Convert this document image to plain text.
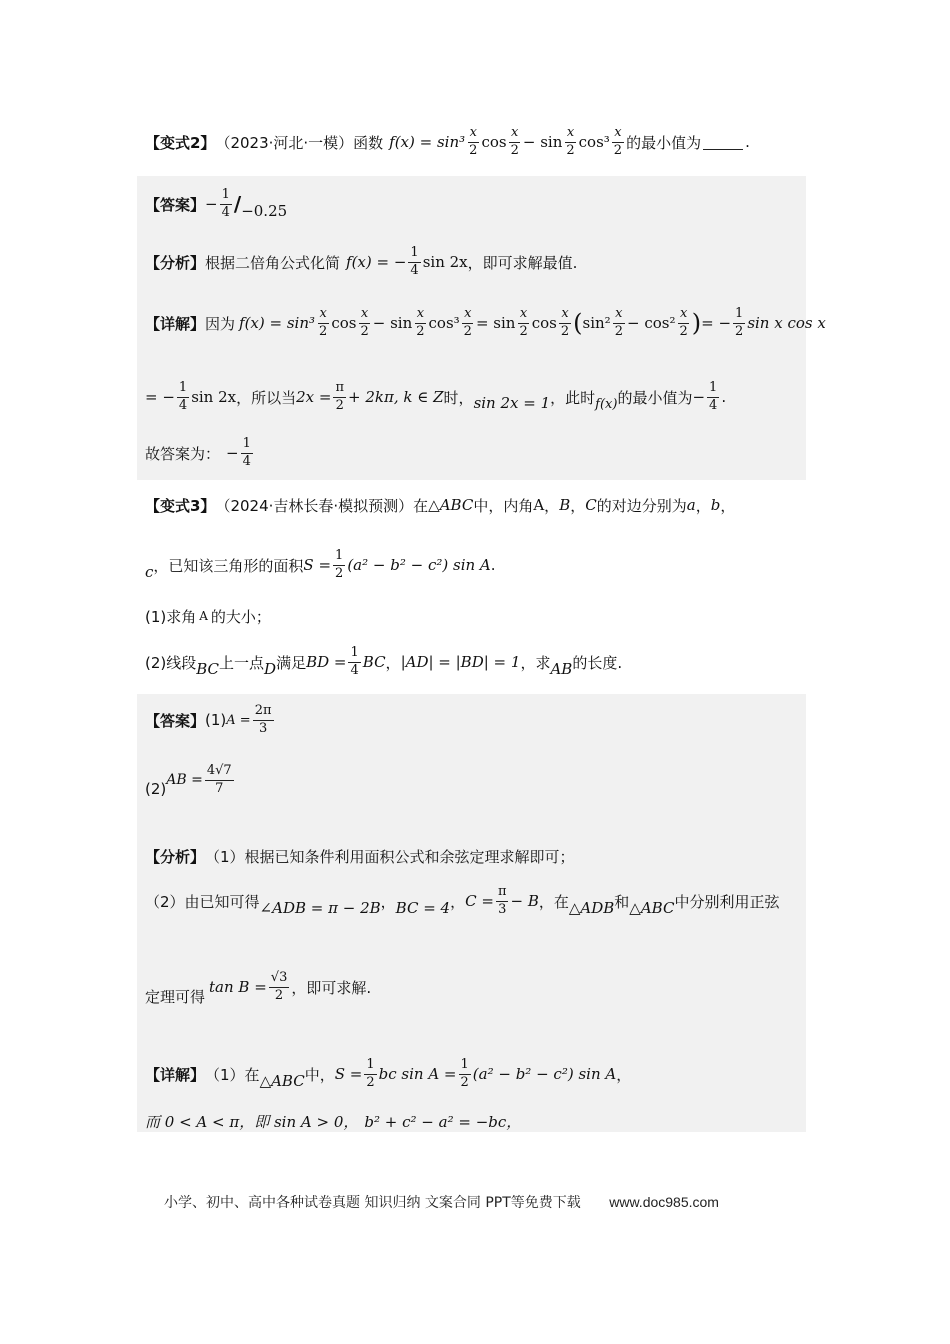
【变式2】 （2023·河北·一模）函数 $f(x) = \sin^3 \frac{x}{2}$ $\cos \frac{x}{2} - \sin \frac{x}{2} \cos^3 \frac{x}{2}$ 的最小值为	.
【答案】 − $\frac{1}{4} / -0.25$
【分析】 根据二倍角公式化简 f(x) = − $\frac{1}{4}$ sin 2x ，即可求解最值.
【详解】 因为 $f(x) = \sin^3 \frac{x}{2}$ $\cos \frac{x}{2} - \sin \frac{x}{2} \cos^3 \frac{x}{2} = \sin \frac{x}{2}$ $\cos \frac{x}{2}$ ( $\sin^2 \frac{x}{2} - \cos^2 \frac{x}{2}$ ) = − $\frac{1}{2}$ sin x cos x
= − $\frac{1}{4}$ sin 2x ，所以当 $2x = \frac{\pi}{2} + 2k\pi$, k ∈ Z 时， sin 2x = 1 ，此时 f(x) 的最小值为 − $\frac{1}{4}$ .
故答案为： − $\frac{1}{4}$
【变式3】 （2024·吉林长春·模拟预测）在 △ABC 中，内角 A ， B ， C 的对边分别为 a ， b ，
c ，已知该三角形的面积 $S = \frac{1}{2} (a^2 - b^2 - c^2)$ sin A .
(1)求角 A 的大小；
(2)线段 BC 上一点 D 满足 BD = $\frac{1}{4}$ BC ， |AD| = |BD| = 1 ，求 AB 的长度.
【答案】 (1) $A = \frac{2\pi}{3}$
(2) AB = $\frac{4√7}{7}$
【分析】 （1）根据已知条件利用面积公式和余弦定理求解即可；
（2）由已知可得 ∠ADB = π − 2B ， BC = 4 ， $C = \frac{\pi}{3} - B$ ，在 △ADB 和 △ABC 中分别利用正弦
定理可得
$\tan B = \frac{√3}{2}$ ，即可求解.
【详解】 （1）在 △ABC 中， $S = \frac{1}{2}$ bc $\sin A = \frac{1}{2} (a^2 - b^2 - c^2)$ sin A ，
而 0 < A < π，即 sin A > 0， b² + c² − a² = −bc，
小学、初中、高中各种试卷真题 知识归纳 文案合同 PPT等免费下载 www.doc985.com
